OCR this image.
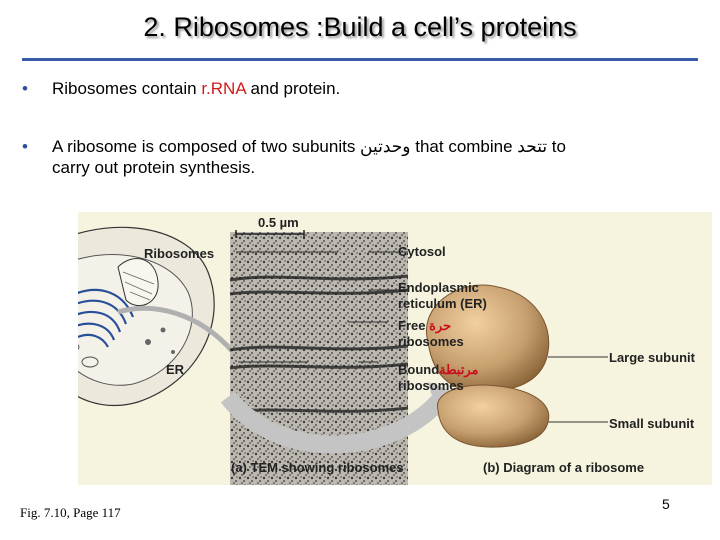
2. Ribosomes :Build a cell’s proteins
•	Ribosomes contain r.RNA and protein.
•	A ribosome is composed of two subunits وحدتين that combine تتحد to
carry out protein synthesis.
0.5 µm
Ribosomes
ER
Cytosol
Endoplasmic
reticulum (ER)
Free حرة
ribosomes
Boundمرتبطة
ribosomes
Large subunit
Small subunit
(a) TEM showing ribosomes	(b) Diagram of a ribosome
Fig. 7.10, Page 117
5
